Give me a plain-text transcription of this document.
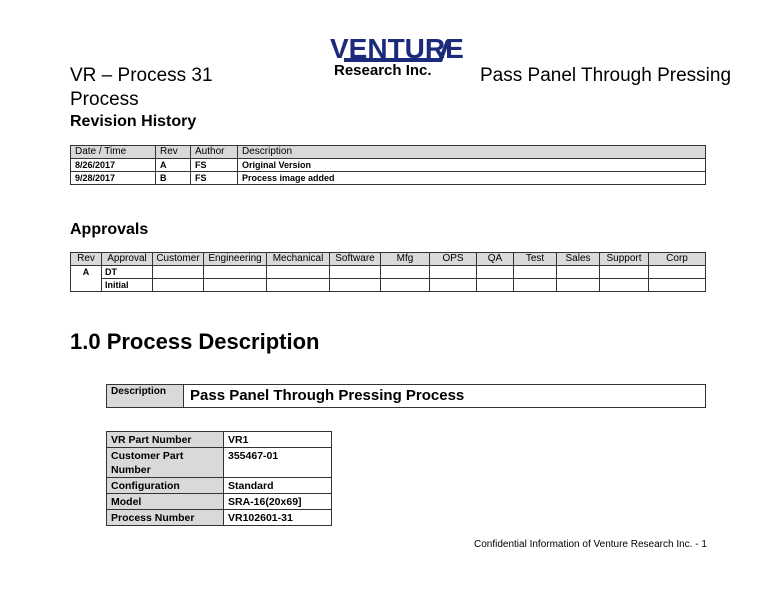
VENTURE
Research Inc.
VR – Process 31
Process
Pass Panel Through Pressing
Revision History
Date / Time	Rev	Author	Description
8/26/2017	A	FS	Original Version
9/28/2017	B	FS	Process image added
Approvals
Rev	Approval	Customer	Engineering	Mechanical	Software	Mfg	OPS	QA	Test	Sales	Support	Corp
A	DT											
	Initial											
1.0 Process Description
Description	Pass Panel Through Pressing Process
VR Part Number	VR1
Customer Part Number	355467-01
Configuration	Standard
Model	SRA-16(20x69]
Process Number	VR102601-31
Confidential Information of Venture Research Inc. - 1
